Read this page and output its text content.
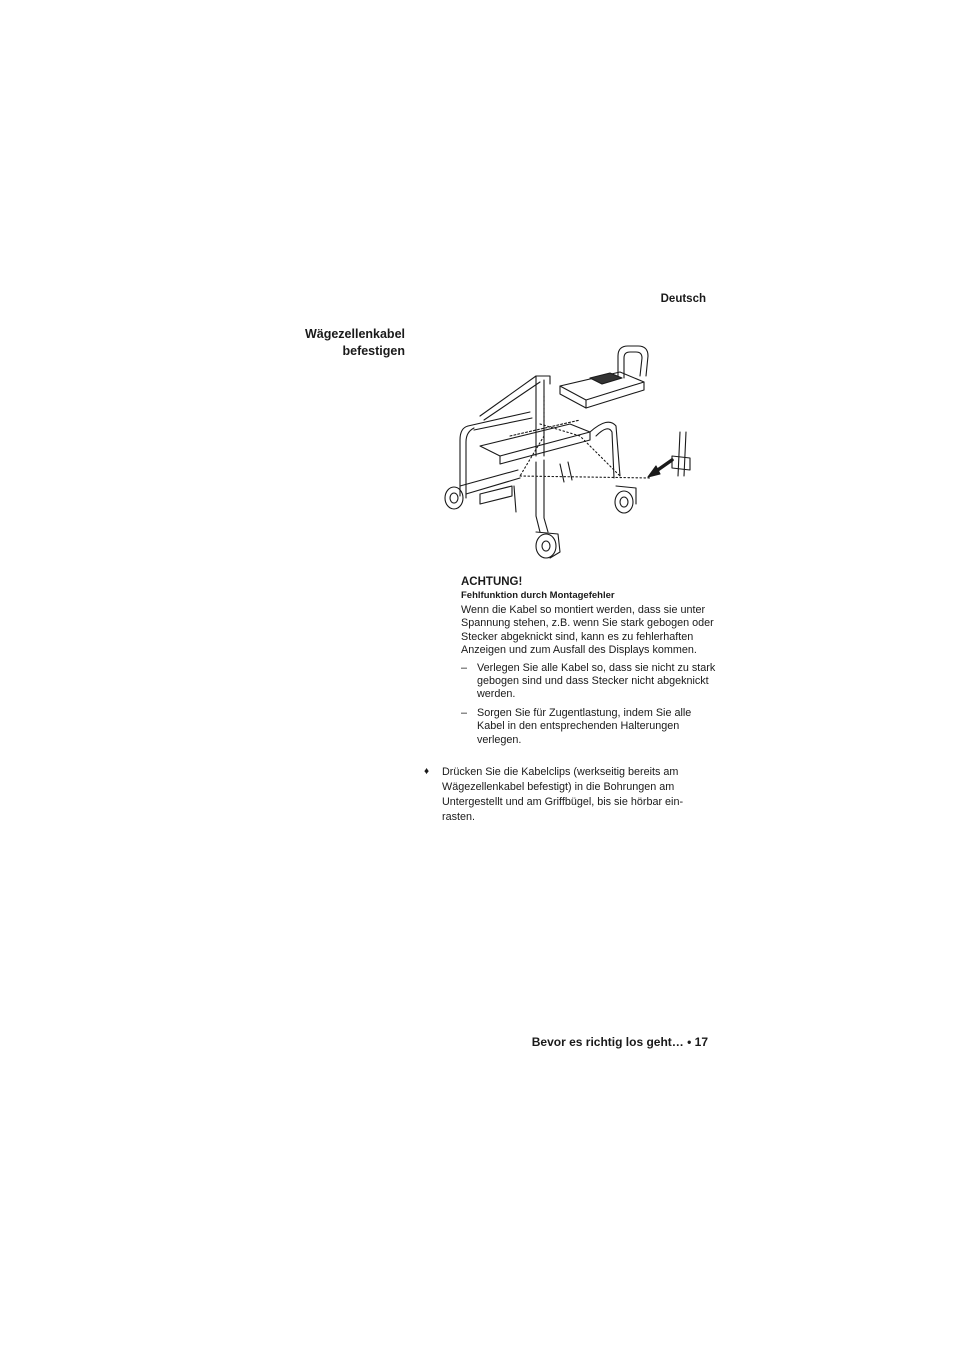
Deutsch
Wägezellenkabel
befestigen
ACHTUNG!
Fehlfunktion durch Montagefehler

Wenn die Kabel so montiert werden, dass sie unter Spannung stehen, z.B. wenn Sie stark gebogen oder Stecker abgeknickt sind, kann es zu fehlerhaften Anzeigen und zum Ausfall des Displays kommen.

– Verlegen Sie alle Kabel so, dass sie nicht zu stark gebogen sind und dass Stecker nicht abgeknickt werden.
– Sorgen Sie für Zugentlastung, indem Sie alle Kabel in den entsprechenden Halterungen verlegen.
♦ Drücken Sie die Kabelclips (werkseitig bereits am Wägezellenkabel befestigt) in die Bohrungen am Untergestellt und am Griffbügel, bis sie hörbar ein-rasten.
Bevor es richtig los geht… • 17
